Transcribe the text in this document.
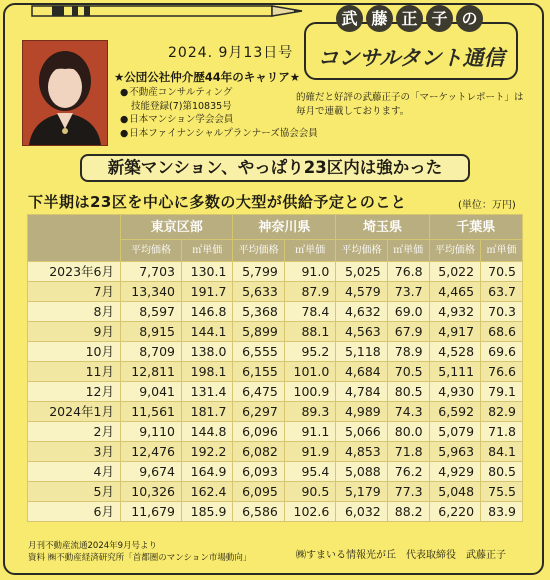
2024. 9月13日号
★公団公社仲介歴44年のキャリア★
● 不動産コンサルティング
技能登録(7)第10835号
● 日本マンション学会会員
● 日本ファイナンシャルプランナーズ協会会員
武 藤 正 子 の
コンサルタント通信
的確だと好評の武藤正子の「マーケットレポート」は毎月で連載しております。
新築マンション、やっぱり23区内は強かった
下半期は23区を中心に多数の大型が供給予定とのこと	(単位：万円)
	東京区部		神奈川県		埼玉県		千葉県	
	平均価格	㎡単価	平均価格	㎡単価	平均価格	㎡単価	平均価格	㎡単価
2023年6月	7,703	130.1	5,799	91.0	5,025	76.8	5,022	70.5
7月	13,340	191.7	5,633	87.9	4,579	73.7	4,465	63.7
8月	8,597	146.8	5,368	78.4	4,632	69.0	4,932	70.3
9月	8,915	144.1	5,899	88.1	4,563	67.9	4,917	68.6
10月	8,709	138.0	6,555	95.2	5,118	78.9	4,528	69.6
11月	12,811	198.1	6,155	101.0	4,684	70.5	5,111	76.6
12月	9,041	131.4	6,475	100.9	4,784	80.5	4,930	79.1
2024年1月	11,561	181.7	6,297	89.3	4,989	74.3	6,592	82.9
2月	9,110	144.8	6,096	91.1	5,066	80.0	5,079	71.8
3月	12,476	192.2	6,082	91.9	4,853	71.8	5,963	84.1
4月	9,674	164.9	6,093	95.4	5,088	76.2	4,929	80.5
5月	10,326	162.4	6,095	90.5	5,179	77.3	5,048	75.5
6月	11,679	185.9	6,586	102.6	6,032	88.2	6,220	83.9
月刊不動産流通2024年9月号より
資料 ㈱不動産経済研究所「首都圏のマンション市場動向」	㈱すまいる情報光が丘　代表取締役　武藤正子
